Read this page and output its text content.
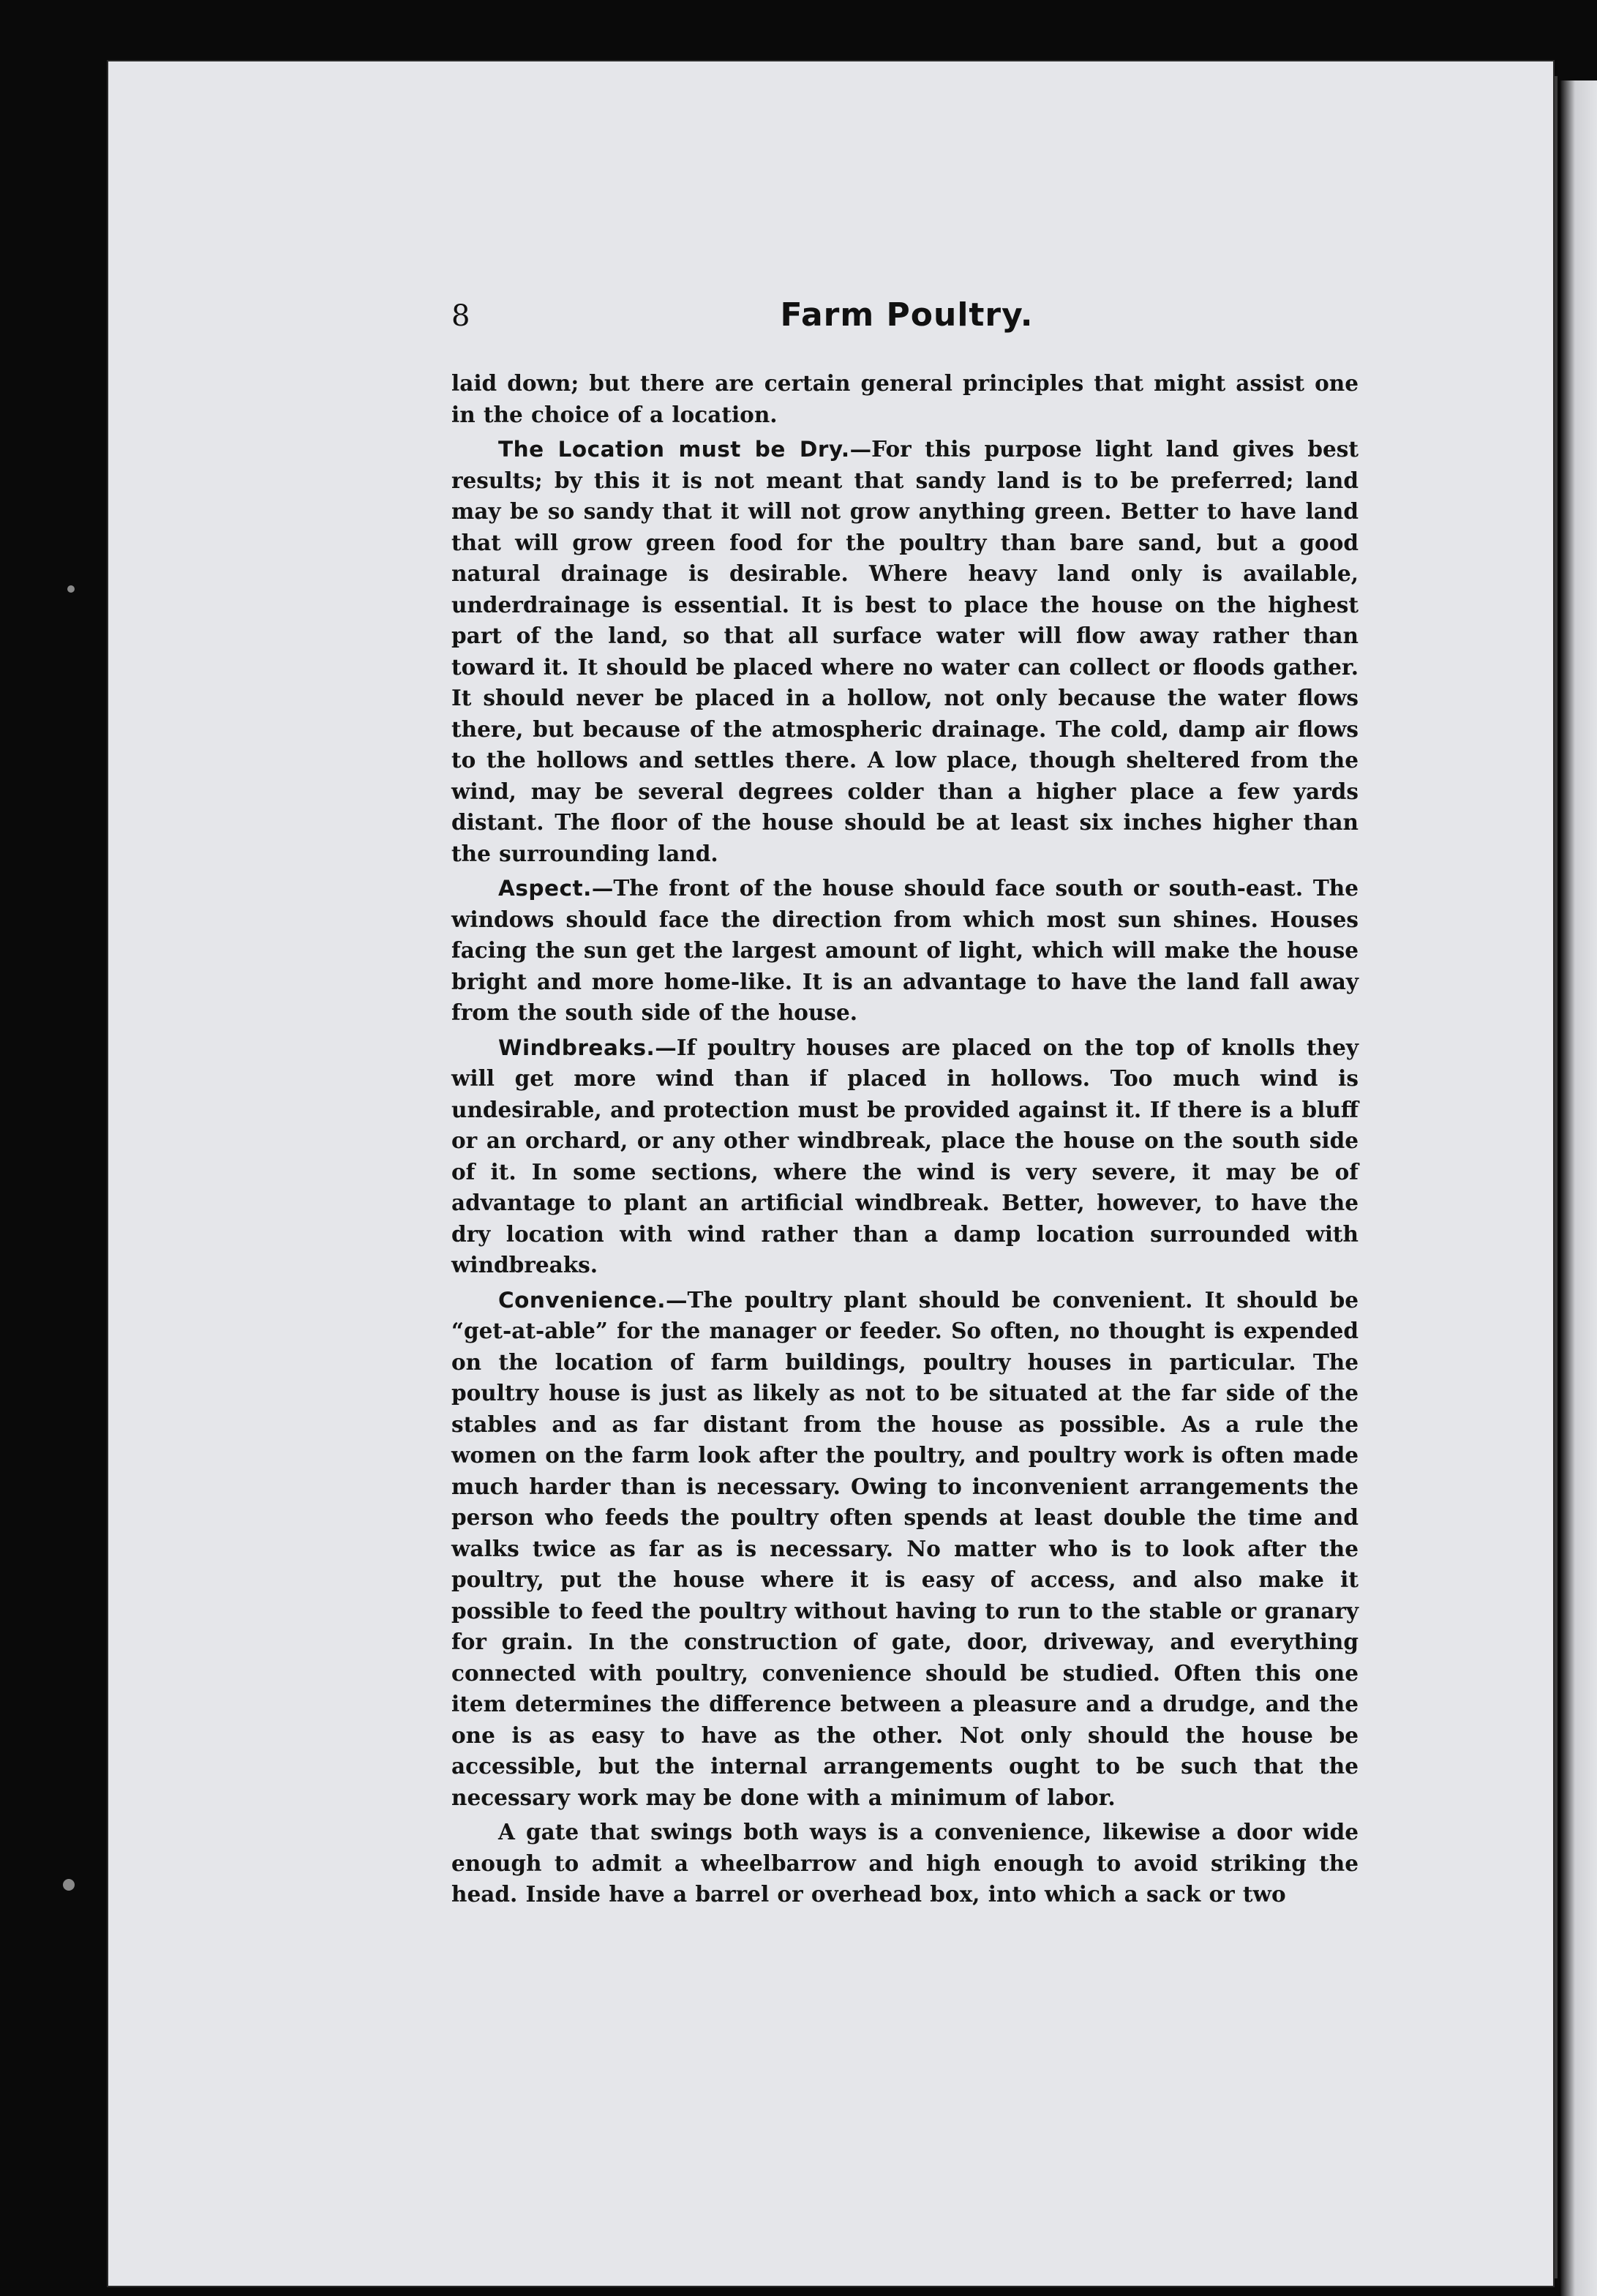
8	Farm Poultry.

laid down; but there are certain general principles that might assist one in the choice of a location.

The Location must be Dry.—For this purpose light land gives best results; by this it is not meant that sandy land is to be preferred; land may be so sandy that it will not grow anything green. Better to have land that will grow green food for the poultry than bare sand, but a good natural drainage is desirable. Where heavy land only is available, underdrainage is essential. It is best to place the house on the highest part of the land, so that all surface water will flow away rather than toward it. It should be placed where no water can collect or floods gather. It should never be placed in a hollow, not only because the water flows there, but because of the atmospheric drainage. The cold, damp air flows to the hollows and settles there. A low place, though sheltered from the wind, may be several degrees colder than a higher place a few yards distant. The floor of the house should be at least six inches higher than the surrounding land.

Aspect.—The front of the house should face south or south-east. The windows should face the direction from which most sun shines. Houses facing the sun get the largest amount of light, which will make the house bright and more home-like. It is an advantage to have the land fall away from the south side of the house.

Windbreaks.—If poultry houses are placed on the top of knolls they will get more wind than if placed in hollows. Too much wind is undesirable, and protection must be provided against it. If there is a bluff or an orchard, or any other windbreak, place the house on the south side of it. In some sections, where the wind is very severe, it may be of advantage to plant an artificial windbreak. Better, however, to have the dry location with wind rather than a damp location surrounded with windbreaks.

Convenience.—The poultry plant should be convenient. It should be “get-at-able” for the manager or feeder. So often, no thought is expended on the location of farm buildings, poultry houses in particular. The poultry house is just as likely as not to be situated at the far side of the stables and as far distant from the house as possible. As a rule the women on the farm look after the poultry, and poultry work is often made much harder than is necessary. Owing to inconvenient arrangements the person who feeds the poultry often spends at least double the time and walks twice as far as is necessary. No matter who is to look after the poultry, put the house where it is easy of access, and also make it possible to feed the poultry without having to run to the stable or granary for grain. In the construction of gate, door, driveway, and everything connected with poultry, convenience should be studied. Often this one item determines the difference between a pleasure and a drudge, and the one is as easy to have as the other. Not only should the house be accessible, but the internal arrangements ought to be such that the necessary work may be done with a minimum of labor.

A gate that swings both ways is a convenience, likewise a door wide enough to admit a wheelbarrow and high enough to avoid striking the head. Inside have a barrel or overhead box, into which a sack or two
